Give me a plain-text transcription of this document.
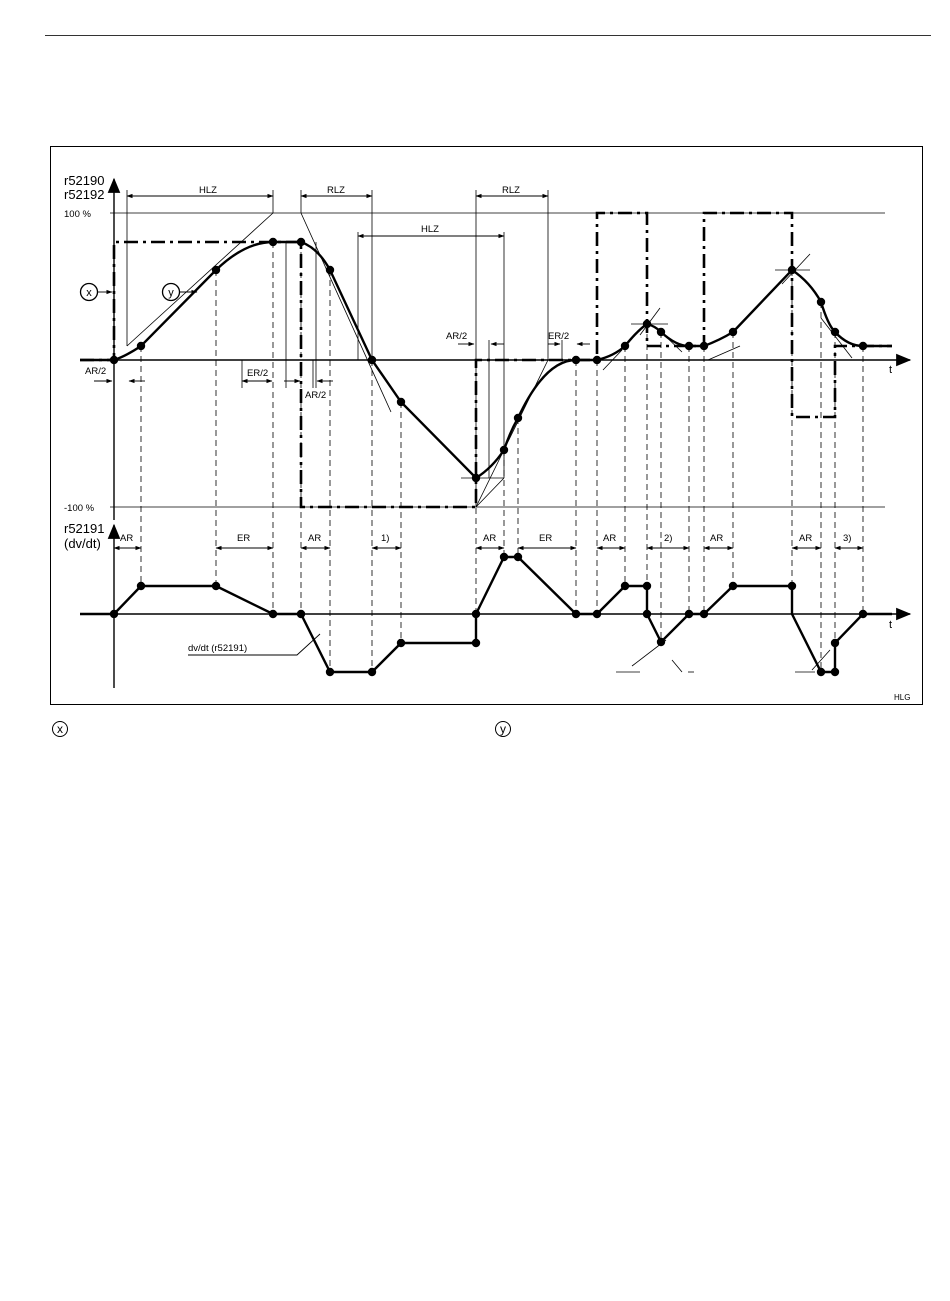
r52190
r52192
r52191
(dv/dt)
t
t
100 %
-100 %
HLZ	RLZ
HLZ
RLZ
AR/2	ER/2
AR/2
AR/2	ER/2
AR	ER	AR	1)	AR	ER	AR	2)	AR	AR	3)
dv/dt (r52191)
HLG
x	y
x	y
